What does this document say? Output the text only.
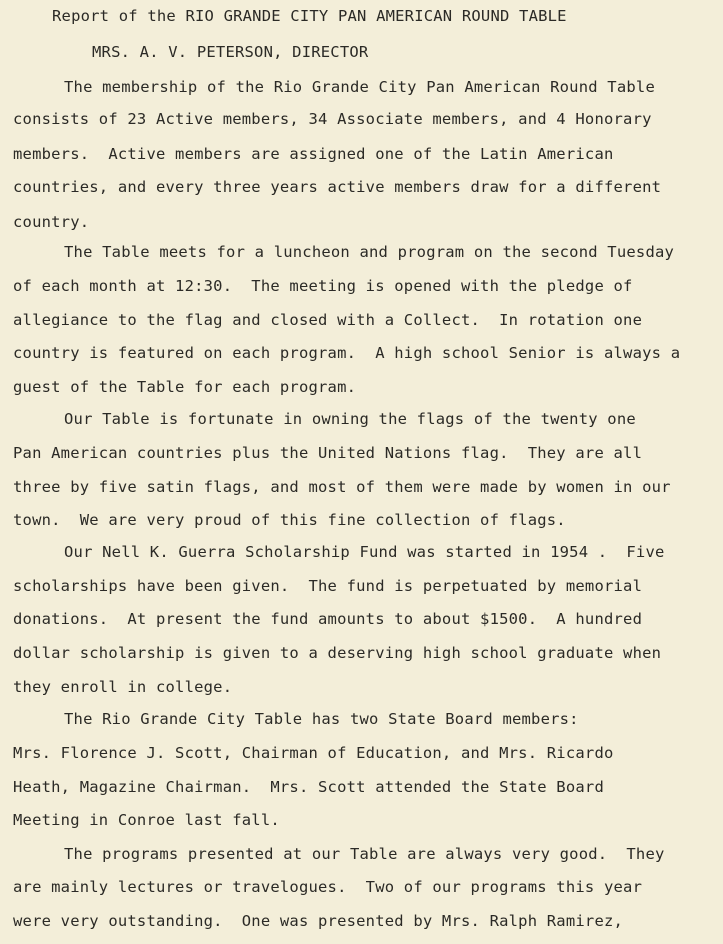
Report of the RIO GRANDE CITY PAN AMERICAN ROUND TABLE

MRS. A. V. PETERSON, DIRECTOR

The membership of the Rio Grande City Pan American Round Table

consists of 23 Active members, 34 Associate members, and 4 Honorary

members.  Active members are assigned one of the Latin American

countries, and every three years active members draw for a different

country.

The Table meets for a luncheon and program on the second Tuesday

of each month at 12:30.  The meeting is opened with the pledge of

allegiance to the flag and closed with a Collect.  In rotation one

country is featured on each program.  A high school Senior is always a

guest of the Table for each program.

Our Table is fortunate in owning the flags of the twenty one

Pan American countries plus the United Nations flag.  They are all

three by five satin flags, and most of them were made by women in our

town.  We are very proud of this fine collection of flags.

Our Nell K. Guerra Scholarship Fund was started in 1954 .  Five

scholarships have been given.  The fund is perpetuated by memorial

donations.  At present the fund amounts to about $1500.  A hundred

dollar scholarship is given to a deserving high school graduate when

they enroll in college.

The Rio Grande City Table has two State Board members:

Mrs. Florence J. Scott, Chairman of Education, and Mrs. Ricardo

Heath, Magazine Chairman.  Mrs. Scott attended the State Board

Meeting in Conroe last fall.

The programs presented at our Table are always very good.  They

are mainly lectures or travelogues.  Two of our programs this year

were very outstanding.  One was presented by Mrs. Ralph Ramirez,
